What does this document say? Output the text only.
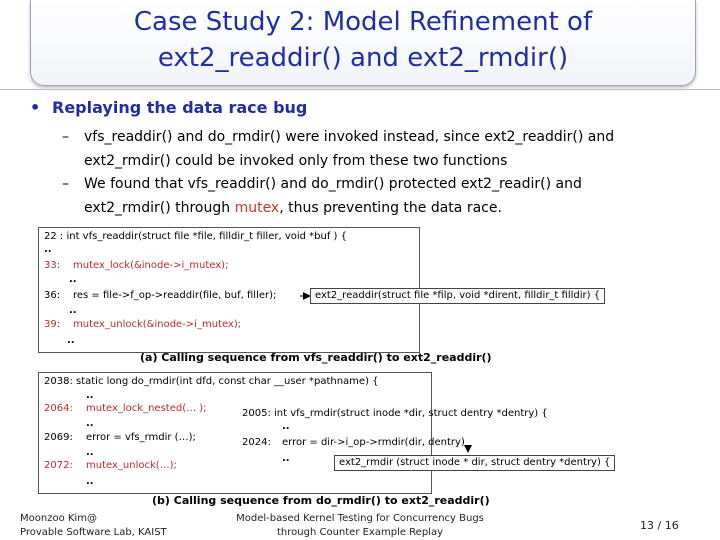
Case Study 2: Model Refinement of
ext2_readdir() and ext2_rmdir()
• Replaying the data race bug
– vfs_readdir() and do_rmdir() were invoked instead, since ext2_readdir() and
ext2_rmdir() could be invoked only from these two functions
– We found that vfs_readdir() and do_rmdir() protected ext2_readir() and
ext2_rmdir() through mutex, thus preventing the data race.
22 : int vfs_readdir(struct file *file, filldir_t filler, void *buf ) {
..
33: mutex_lock(&inode->i_mutex);
..
36: res = file->f_op->readdir(file, buf, filler);
..
39: mutex_unlock(&inode->i_mutex);
..
ext2_readdir(struct file *filp, void *dirent, filldir_t filldir) {
(a) Calling sequence from vfs_readdir() to ext2_readdir()
2038: static long do_rmdir(int dfd, const char __user *pathname) {
..
2064: mutex_lock_nested(… );
..
2069: error = vfs_rmdir (…);
..
2072: mutex_unlock(…);
..
2005: int vfs_rmdir(struct inode *dir, struct dentry *dentry) {
..
2024: error = dir->i_op->rmdir(dir, dentry)
..	ext2_rmdir (struct inode * dir, struct dentry *dentry) {
(b) Calling sequence from do_rmdir() to ext2_readdir()
Moonzoo Kim@
Provable Software Lab, KAIST
Model-based Kernel Testing for Concurrency Bugs
through Counter Example Replay
13 / 16
